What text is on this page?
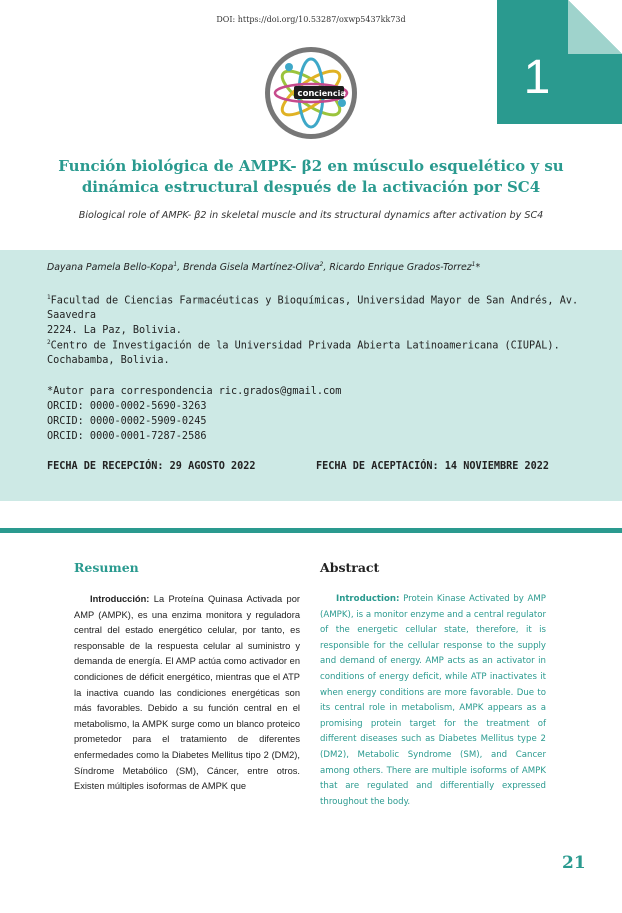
DOI: https://doi.org/10.53287/oxwp5437kk73d
con ciencia	1
Función biológica de AMPK- β2 en músculo esquelético y su
dinámica estructural después de la activación por SC4
Biological role of AMPK- β2 in skeletal muscle and its structural dynamics after activation by SC4
Dayana Pamela Bello-Kopa$^1$, Brenda Gisela Martínez-Oliva$^2$, Ricardo Enrique Grados-Torrez$^1$*
$^1$Facultad de Ciencias Farmacéuticas y Bioquímicas, Universidad Mayor de San Andrés, Av. Saavedra
2224. La Paz, Bolivia.
$^2$Centro de Investigación de la Universidad Privada Abierta Latinoamericana (CIUPAL).
Cochabamba, Bolivia.
*Autor para correspondencia ric.grados@gmail.com
ORCID: 0000-0002-5690-3263
ORCID: 0000-0002-5909-0245
ORCID: 0000-0001-7287-2586
FECHA DE RECEPCIÓN: 29 AGOSTO 2022	FECHA DE ACEPTACIÓN: 14 NOVIEMBRE 2022
Resumen	Abstract
Introducción: La Proteína Quinasa Activada por AMP (AMPK), es una enzima monitora y reguladora central del estado energético celular, por tanto, es responsable de la respuesta celular al suministro y demanda de energía. El AMP actúa como activador en condiciones de déficit energético, mientras que el ATP la inactiva cuando las condiciones energéticas son más favorables. Debido a su función central en el metabolismo, la AMPK surge como un blanco proteico prometedor para el tratamiento de diferentes enfermedades como la Diabetes Mellitus tipo 2 (DM2), Síndrome Metabólico (SM), Cáncer, entre otros. Existen múltiples isoformas de AMPK que
Introduction: Protein Kinase Activated by AMP (AMPK), is a monitor enzyme and a central regulator of the energetic cellular state, therefore, it is responsible for the cellular response to the supply and demand of energy. AMP acts as an activator in conditions of energy deficit, while ATP inactivates it when energy conditions are more favorable. Due to its central role in metabolism, AMPK appears as a promising protein target for the treatment of different diseases such as Diabetes Mellitus type 2 (DM2), Metabolic Syndrome (SM), and Cancer among others. There are multiple isoforms of AMPK that are regulated and differentially expressed throughout the body.
21
